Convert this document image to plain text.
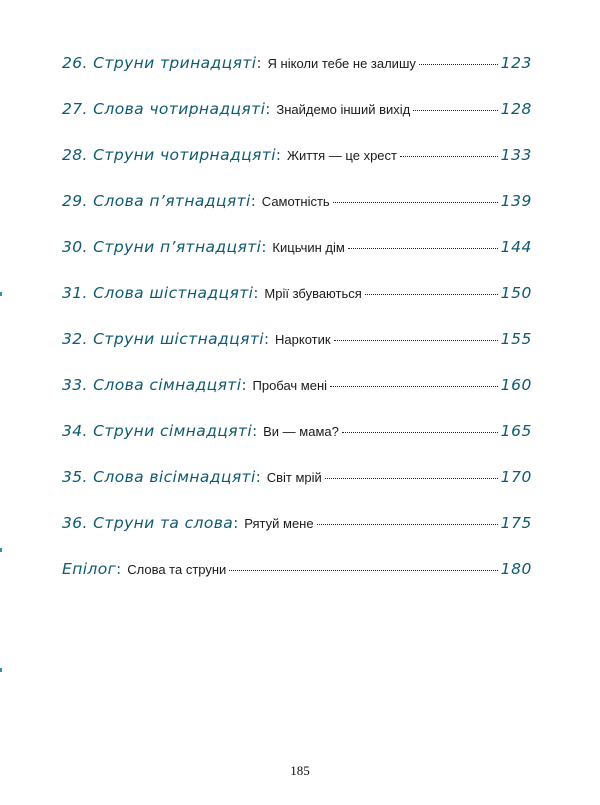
26. Струни тринадцяті : Я ніколи тебе не залишу	123
27. Слова чотирнадцяті : Знайдемо інший вихід	128
28. Струни чотирнадцяті : Життя — це хрест	133
29. Слова п’ятнадцяті : Самотність	139
30. Струни п’ятнадцяті : Кицьчин дім	144
31. Слова шістнадцяті : Мрії збуваються	150
32. Струни шістнадцяті : Наркотик	155
33. Слова сімнадцяті : Пробач мені	160
34. Струни сімнадцяті : Ви — мама?	165
35. Слова вісімнадцяті : Світ мрій	170
36. Струни та слова : Рятуй мене	175
Епілог : Слова та струни	180
185
